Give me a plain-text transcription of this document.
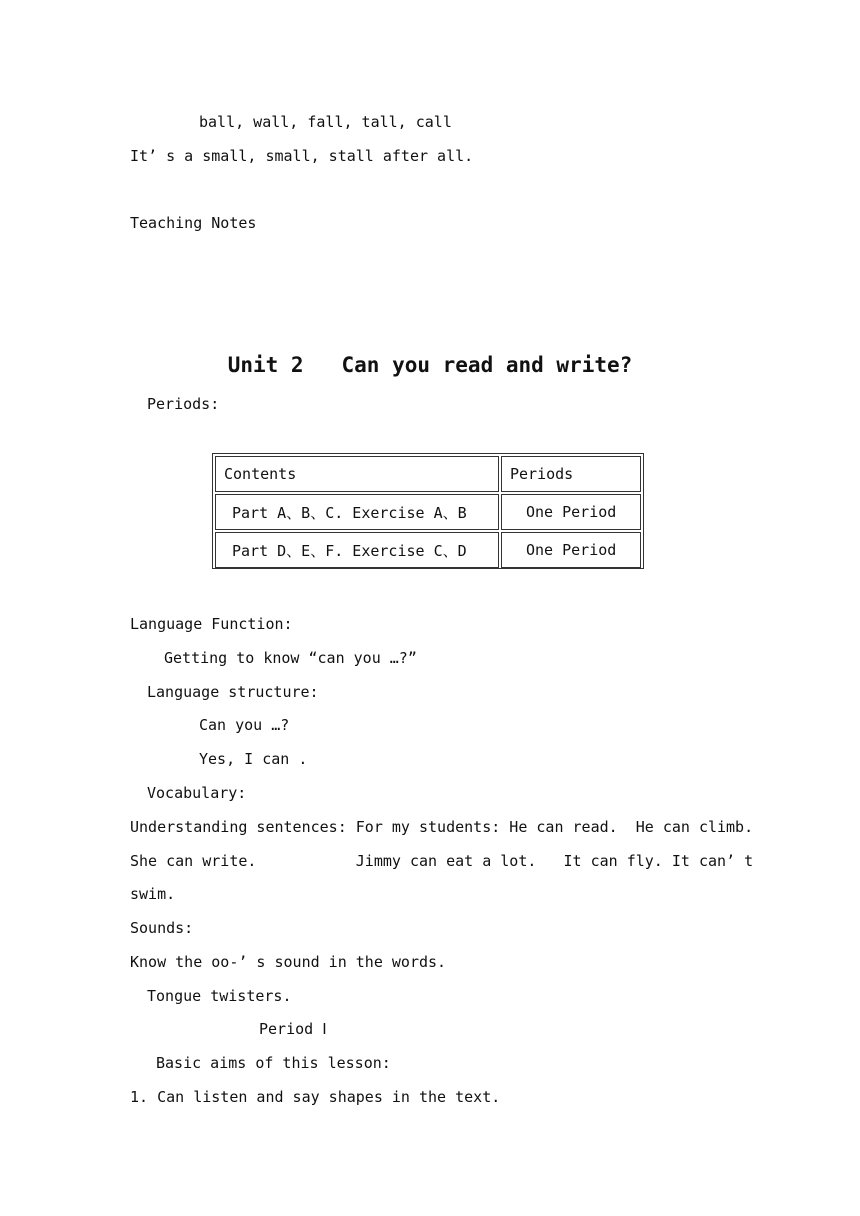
ball, wall, fall, tall, call
It’ s a small, small, stall after all.
Teaching Notes
Unit 2   Can you read and write?
Periods:
Contents	Periods
Part A、B、C. Exercise A、B	One Period
Part D、E、F. Exercise C、D	One Period
Language Function:
Getting to know “can you …?”
Language structure:
Can you …?
Yes, I can .
Vocabulary:
Understanding sentences: For my students: He can read.  He can climb.
She can write.           Jimmy can eat a lot.   It can fly. It can’ t
swim.
Sounds:
Know the oo-’ s sound in the words.
Tongue twisters.
Period Ⅰ
Basic aims of this lesson:
1. Can listen and say shapes in the text.
